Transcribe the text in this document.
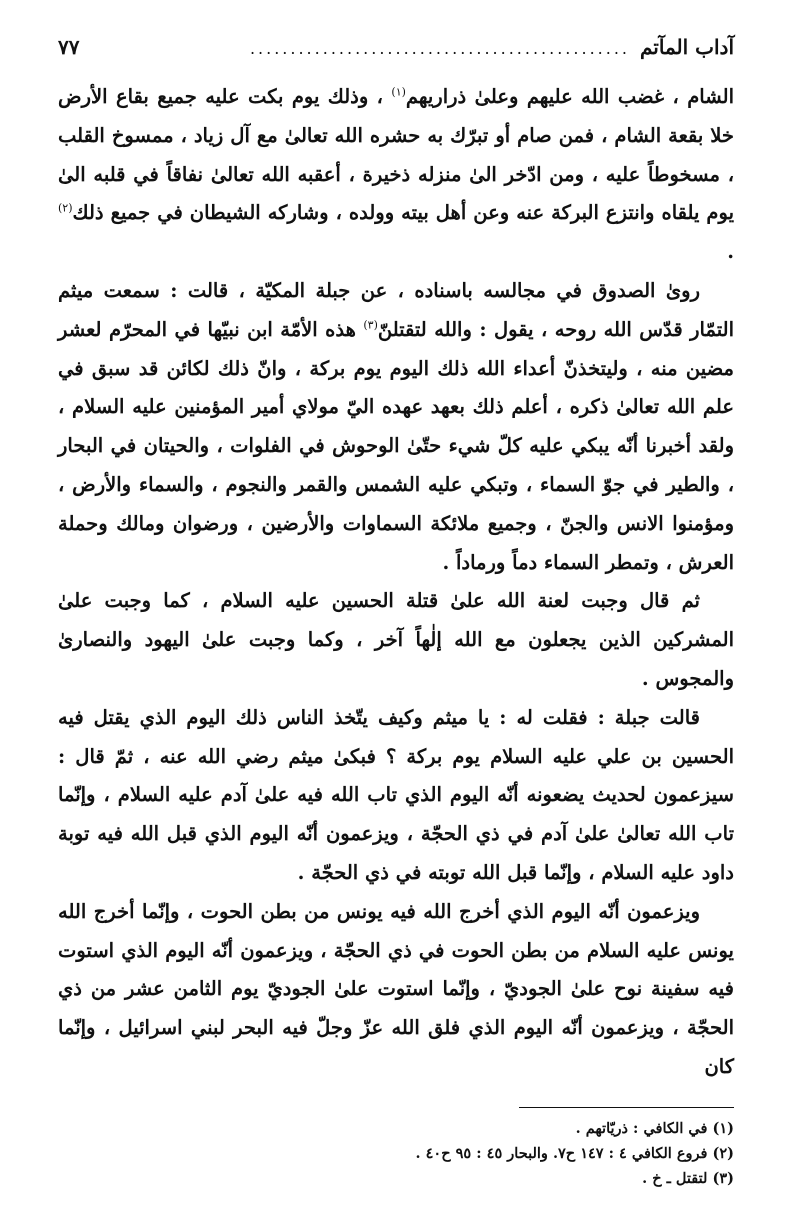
آداب المآتم
...............................................
٧٧

الشام ، غضب الله عليهم وعلىٰ ذراريهم$^{(١)}$ ، وذلك يوم بكت عليه جميع بقاع الأرض خلا بقعة الشام ، فمن صام أو تبرّك به حشره الله تعالىٰ مع آل زياد ، ممسوخ القلب ، مسخوطاً عليه ، ومن ادّخر الىٰ منزله ذخيرة ، أعقبه الله تعالىٰ نفاقاً في قلبه الىٰ يوم يلقاه وانتزع البركة عنه وعن أهل بيته وولده ، وشاركه الشيطان في جميع ذلك$^{(٢)}$ .

روىٰ الصدوق في مجالسه باسناده ، عن جبلة المكيّة ، قالت : سمعت ميثم التمّار قدّس الله روحه ، يقول : والله لتقتلنّ$^{(٣)}$ هذه الأمّة ابن نبيّها في المحرّم لعشر مضين منه ، وليتخذنّ أعداء الله ذلك اليوم يوم بركة ، وانّ ذلك لكائن قد سبق في علم الله تعالىٰ ذكره ، أعلم ذلك بعهد عهده اليّ مولاي أمير المؤمنين عليه السلام ، ولقد أخبرنا أنّه يبكي عليه كلّ شيء حتّىٰ الوحوش في الفلوات ، والحيتان في البحار ، والطير في جوّ السماء ، وتبكي عليه الشمس والقمر والنجوم ، والسماء والأرض ، ومؤمنوا الانس والجنّ ، وجميع ملائكة السماوات والأرضين ، ورضوان ومالك وحملة العرش ، وتمطر السماء دماً ورماداً .

ثم قال وجبت لعنة الله علىٰ قتلة الحسين عليه السلام ، كما وجبت علىٰ المشركين الذين يجعلون مع الله إلٰهاً آخر ، وكما وجبت علىٰ اليهود والنصارىٰ والمجوس .

قالت جبلة : فقلت له : يا ميثم وكيف يتّخذ الناس ذلك اليوم الذي يقتل فيه الحسين بن علي عليه السلام يوم بركة ؟ فبكىٰ ميثم رضي الله عنه ، ثمّ قال : سيزعمون لحديث يضعونه أنّه اليوم الذي تاب الله فيه علىٰ آدم عليه السلام ، وإنّما تاب الله تعالىٰ علىٰ آدم في ذي الحجّة ، ويزعمون أنّه اليوم الذي قبل الله فيه توبة داود عليه السلام ، وإنّما قبل الله توبته في ذي الحجّة .

ويزعمون أنّه اليوم الذي أخرج الله فيه يونس من بطن الحوت ، وإنّما أخرج الله يونس عليه السلام من بطن الحوت في ذي الحجّة ، ويزعمون أنّه اليوم الذي استوت فيه سفينة نوح علىٰ الجوديّ ، وإنّما استوت علىٰ الجوديّ يوم الثامن عشر من ذي الحجّة ، ويزعمون أنّه اليوم الذي فلق الله عزّ وجلّ فيه البحر لبني اسرائيل ، وإنّما كان

(١) في الكافي : ذريّاتهم .

(٢) فروع الكافي ٤ : ١٤٧ ح٧. والبحار ٤٥ : ٩٥ ح٤٠ .

(٣) لتقتل ـ خ .
